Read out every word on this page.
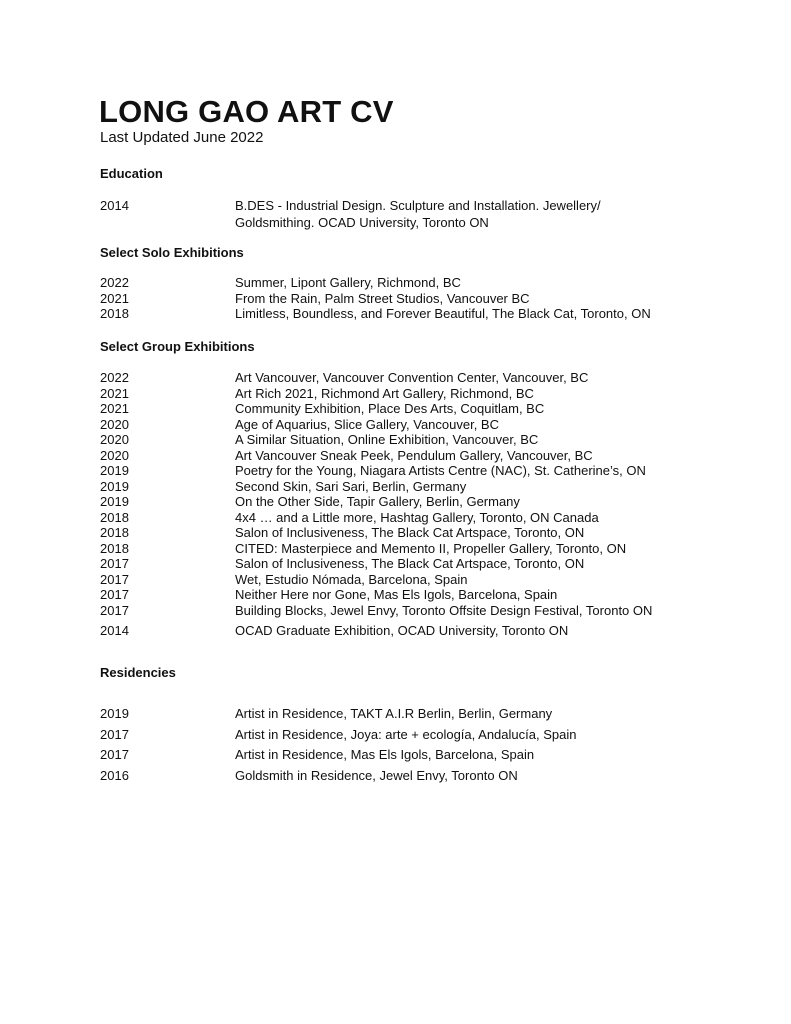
LONG GAO ART CV

Last Updated June 2022

Education
2014	B.DES - Industrial Design. Sculpture and Installation. Jewellery/
Goldsmithing. OCAD University, Toronto ON
Select Solo Exhibitions
2022	Summer, Lipont Gallery, Richmond, BC
2021	From the Rain, Palm Street Studios, Vancouver BC
2018	Limitless, Boundless, and Forever Beautiful, The Black Cat, Toronto, ON
Select Group Exhibitions
2022	Art Vancouver, Vancouver Convention Center, Vancouver, BC
2021	Art Rich 2021, Richmond Art Gallery, Richmond, BC
2021	Community Exhibition, Place Des Arts, Coquitlam, BC
2020	Age of Aquarius, Slice Gallery, Vancouver, BC
2020	A Similar Situation, Online Exhibition, Vancouver, BC
2020	Art Vancouver Sneak Peek, Pendulum Gallery, Vancouver, BC
2019	Poetry for the Young, Niagara Artists Centre (NAC), St. Catherine’s, ON
2019	Second Skin, Sari Sari, Berlin, Germany
2019	On the Other Side, Tapir Gallery, Berlin, Germany
2018	4x4 … and a Little more, Hashtag Gallery, Toronto, ON Canada
2018	Salon of Inclusiveness, The Black Cat Artspace, Toronto, ON
2018	CITED: Masterpiece and Memento II, Propeller Gallery, Toronto, ON
2017	Salon of Inclusiveness, The Black Cat Artspace, Toronto, ON
2017	Wet, Estudio Nómada, Barcelona, Spain
2017	Neither Here nor Gone, Mas Els Igols, Barcelona, Spain
2017	Building Blocks, Jewel Envy, Toronto Offsite Design Festival, Toronto ON
2014	OCAD Graduate Exhibition, OCAD University, Toronto ON
Residencies
2019	Artist in Residence, TAKT A.I.R Berlin, Berlin, Germany
2017	Artist in Residence, Joya: arte + ecología, Andalucía, Spain
2017	Artist in Residence, Mas Els Igols, Barcelona, Spain
2016	Goldsmith in Residence, Jewel Envy, Toronto ON
